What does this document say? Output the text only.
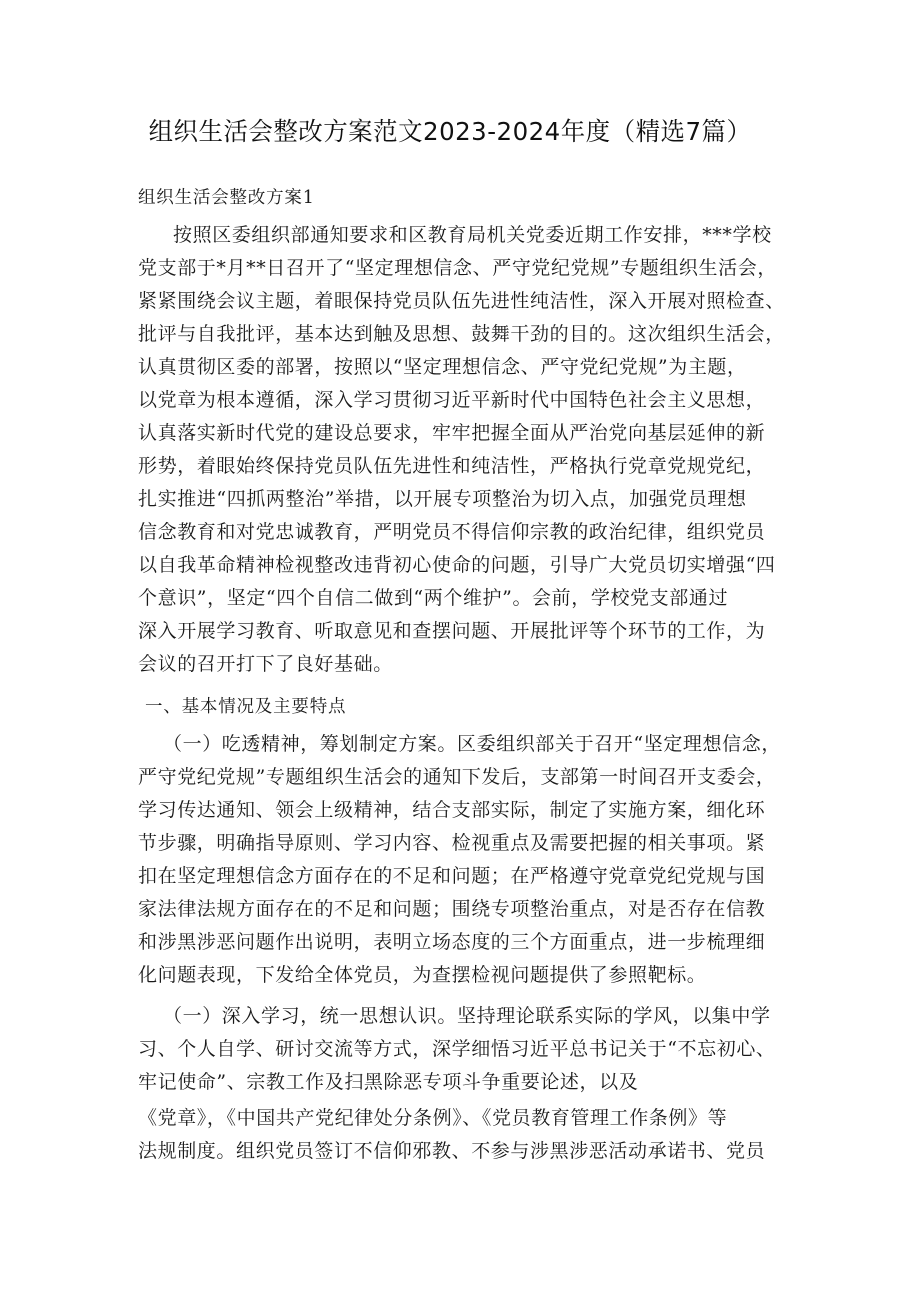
组织生活会整改方案范文2023-2024年度（精选7篇）
组织生活会整改方案1
按照区委组织部通知要求和区教育局机关党委近期工作安排，***学校
党支部于*月**日召开了“坚定理想信念、严守党纪党规”专题组织生活会，
紧紧围绕会议主题，着眼保持党员队伍先进性纯洁性，深入开展对照检查、
批评与自我批评，基本达到触及思想、鼓舞干劲的目的。这次组织生活会，
认真贯彻区委的部署，按照以“坚定理想信念、严守党纪党规”为主题，
以党章为根本遵循，深入学习贯彻习近平新时代中国特色社会主义思想，
认真落实新时代党的建设总要求，牢牢把握全面从严治党向基层延伸的新
形势，着眼始终保持党员队伍先进性和纯洁性，严格执行党章党规党纪，
扎实推进“四抓两整治”举措，以开展专项整治为切入点，加强党员理想
信念教育和对党忠诚教育，严明党员不得信仰宗教的政治纪律，组织党员
以自我革命精神检视整改违背初心使命的问题，引导广大党员切实增强“四
个意识”，坚定“四个自信二做到“两个维护”。会前，学校党支部通过
深入开展学习教育、听取意见和查摆问题、开展批评等个环节的工作，为
会议的召开打下了良好基础。
一、基本情况及主要特点
（一）吃透精神，筹划制定方案。区委组织部关于召开“坚定理想信念，
严守党纪党规”专题组织生活会的通知下发后，支部第一时间召开支委会，
学习传达通知、领会上级精神，结合支部实际，制定了实施方案，细化环
节步骤，明确指导原则、学习内容、检视重点及需要把握的相关事项。紧
扣在坚定理想信念方面存在的不足和问题；在严格遵守党章党纪党规与国
家法律法规方面存在的不足和问题；围绕专项整治重点，对是否存在信教
和涉黑涉恶问题作出说明，表明立场态度的三个方面重点，进一步梳理细
化问题表现，下发给全体党员，为查摆检视问题提供了参照靶标。
（一）深入学习，统一思想认识。坚持理论联系实际的学风，以集中学
习、个人自学、研讨交流等方式，深学细悟习近平总书记关于“不忘初心、
牢记使命”、宗教工作及扫黑除恶专项斗争重要论述，以及
《党章》，《中国共产党纪律处分条例》、《党员教育管理工作条例》等
法规制度。组织党员签订不信仰邪教、不参与涉黑涉恶活动承诺书、党员
